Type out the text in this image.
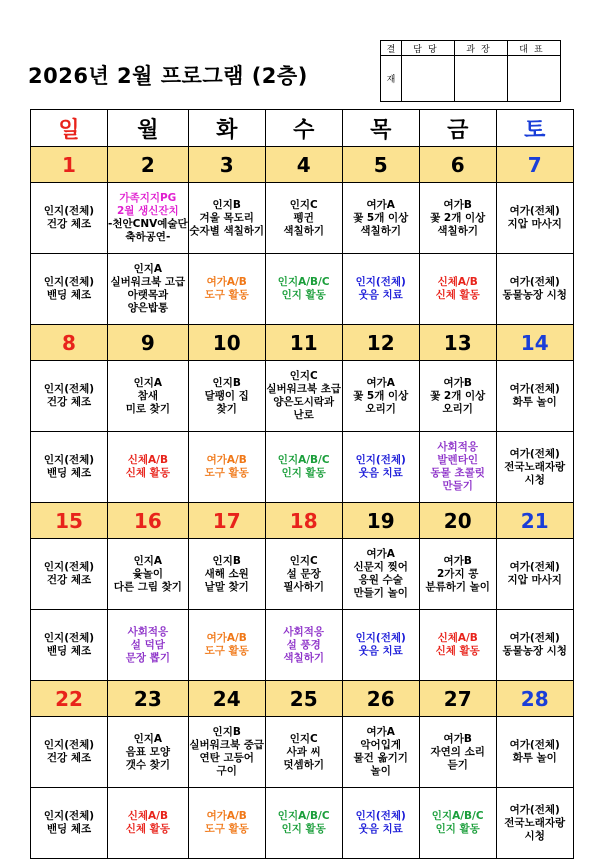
2026년 2월 프로그램 (2층)
결	담당	과장	대표
재			
일	월	화	수	목	금	토
1	2	3	4	5	6	7

인지(전체)
건강 체조	가족지지PG
2월 생신잔치
-천안CNV예술단
축하공연-	인지B
겨울 목도리
숫자별 색칠하기	인지C
펭귄
색칠하기	여가A
꽃 5개 이상
색칠하기	여가B
꽃 2개 이상
색칠하기	여가(전체)
지압 마사지

인지(전체)
밴딩 체조	인지A
실버워크북 고급
아랫목과
양은밥통	여가A/B
도구 활동	인지A/B/C
인지 활동	인지(전체)
웃음 치료	신체A/B
신체 활동	여가(전체)
동물농장 시청

8	9	10	11	12	13	14

인지(전체)
건강 체조	인지A
참새
미로 찾기	인지B
달팽이 집
찾기	인지C
실버워크북 초급
양은도시락과
난로	여가A
꽃 5개 이상
오리기	여가B
꽃 2개 이상
오리기	여가(전체)
화투 놀이

인지(전체)
밴딩 체조	신체A/B
신체 활동	여가A/B
도구 활동	인지A/B/C
인지 활동	인지(전체)
웃음 치료	사회적응
발렌타인
동물 초콜릿
만들기	여가(전체)
전국노래자랑
시청

15	16	17	18	19	20	21

인지(전체)
건강 체조	인지A
윷놀이
다른 그림 찾기	인지B
새해 소원
낱말 찾기	인지C
설 문장
필사하기	여가A
신문지 찢어
응원 수술
만들기 놀이	여가B
2가지 콩
분류하기 놀이	여가(전체)
지압 마사지

인지(전체)
밴딩 체조	사회적응
설 덕담
문장 뽑기	여가A/B
도구 활동	사회적응
설 풍경
색칠하기	인지(전체)
웃음 치료	신체A/B
신체 활동	여가(전체)
동물농장 시청

22	23	24	25	26	27	28

인지(전체)
건강 체조	인지A
음표 모양
갯수 찾기	인지B
실버워크북 중급
연탄 고등어
구이	인지C
사과 씨
덧셈하기	여가A
악어입게
물건 옮기기
놀이	여가B
자연의 소리
듣기	여가(전체)
화투 놀이

인지(전체)
밴딩 체조	신체A/B
신체 활동	여가A/B
도구 활동	인지A/B/C
인지 활동	인지(전체)
웃음 치료	인지A/B/C
인지 활동	여가(전체)
전국노래자랑
시청
